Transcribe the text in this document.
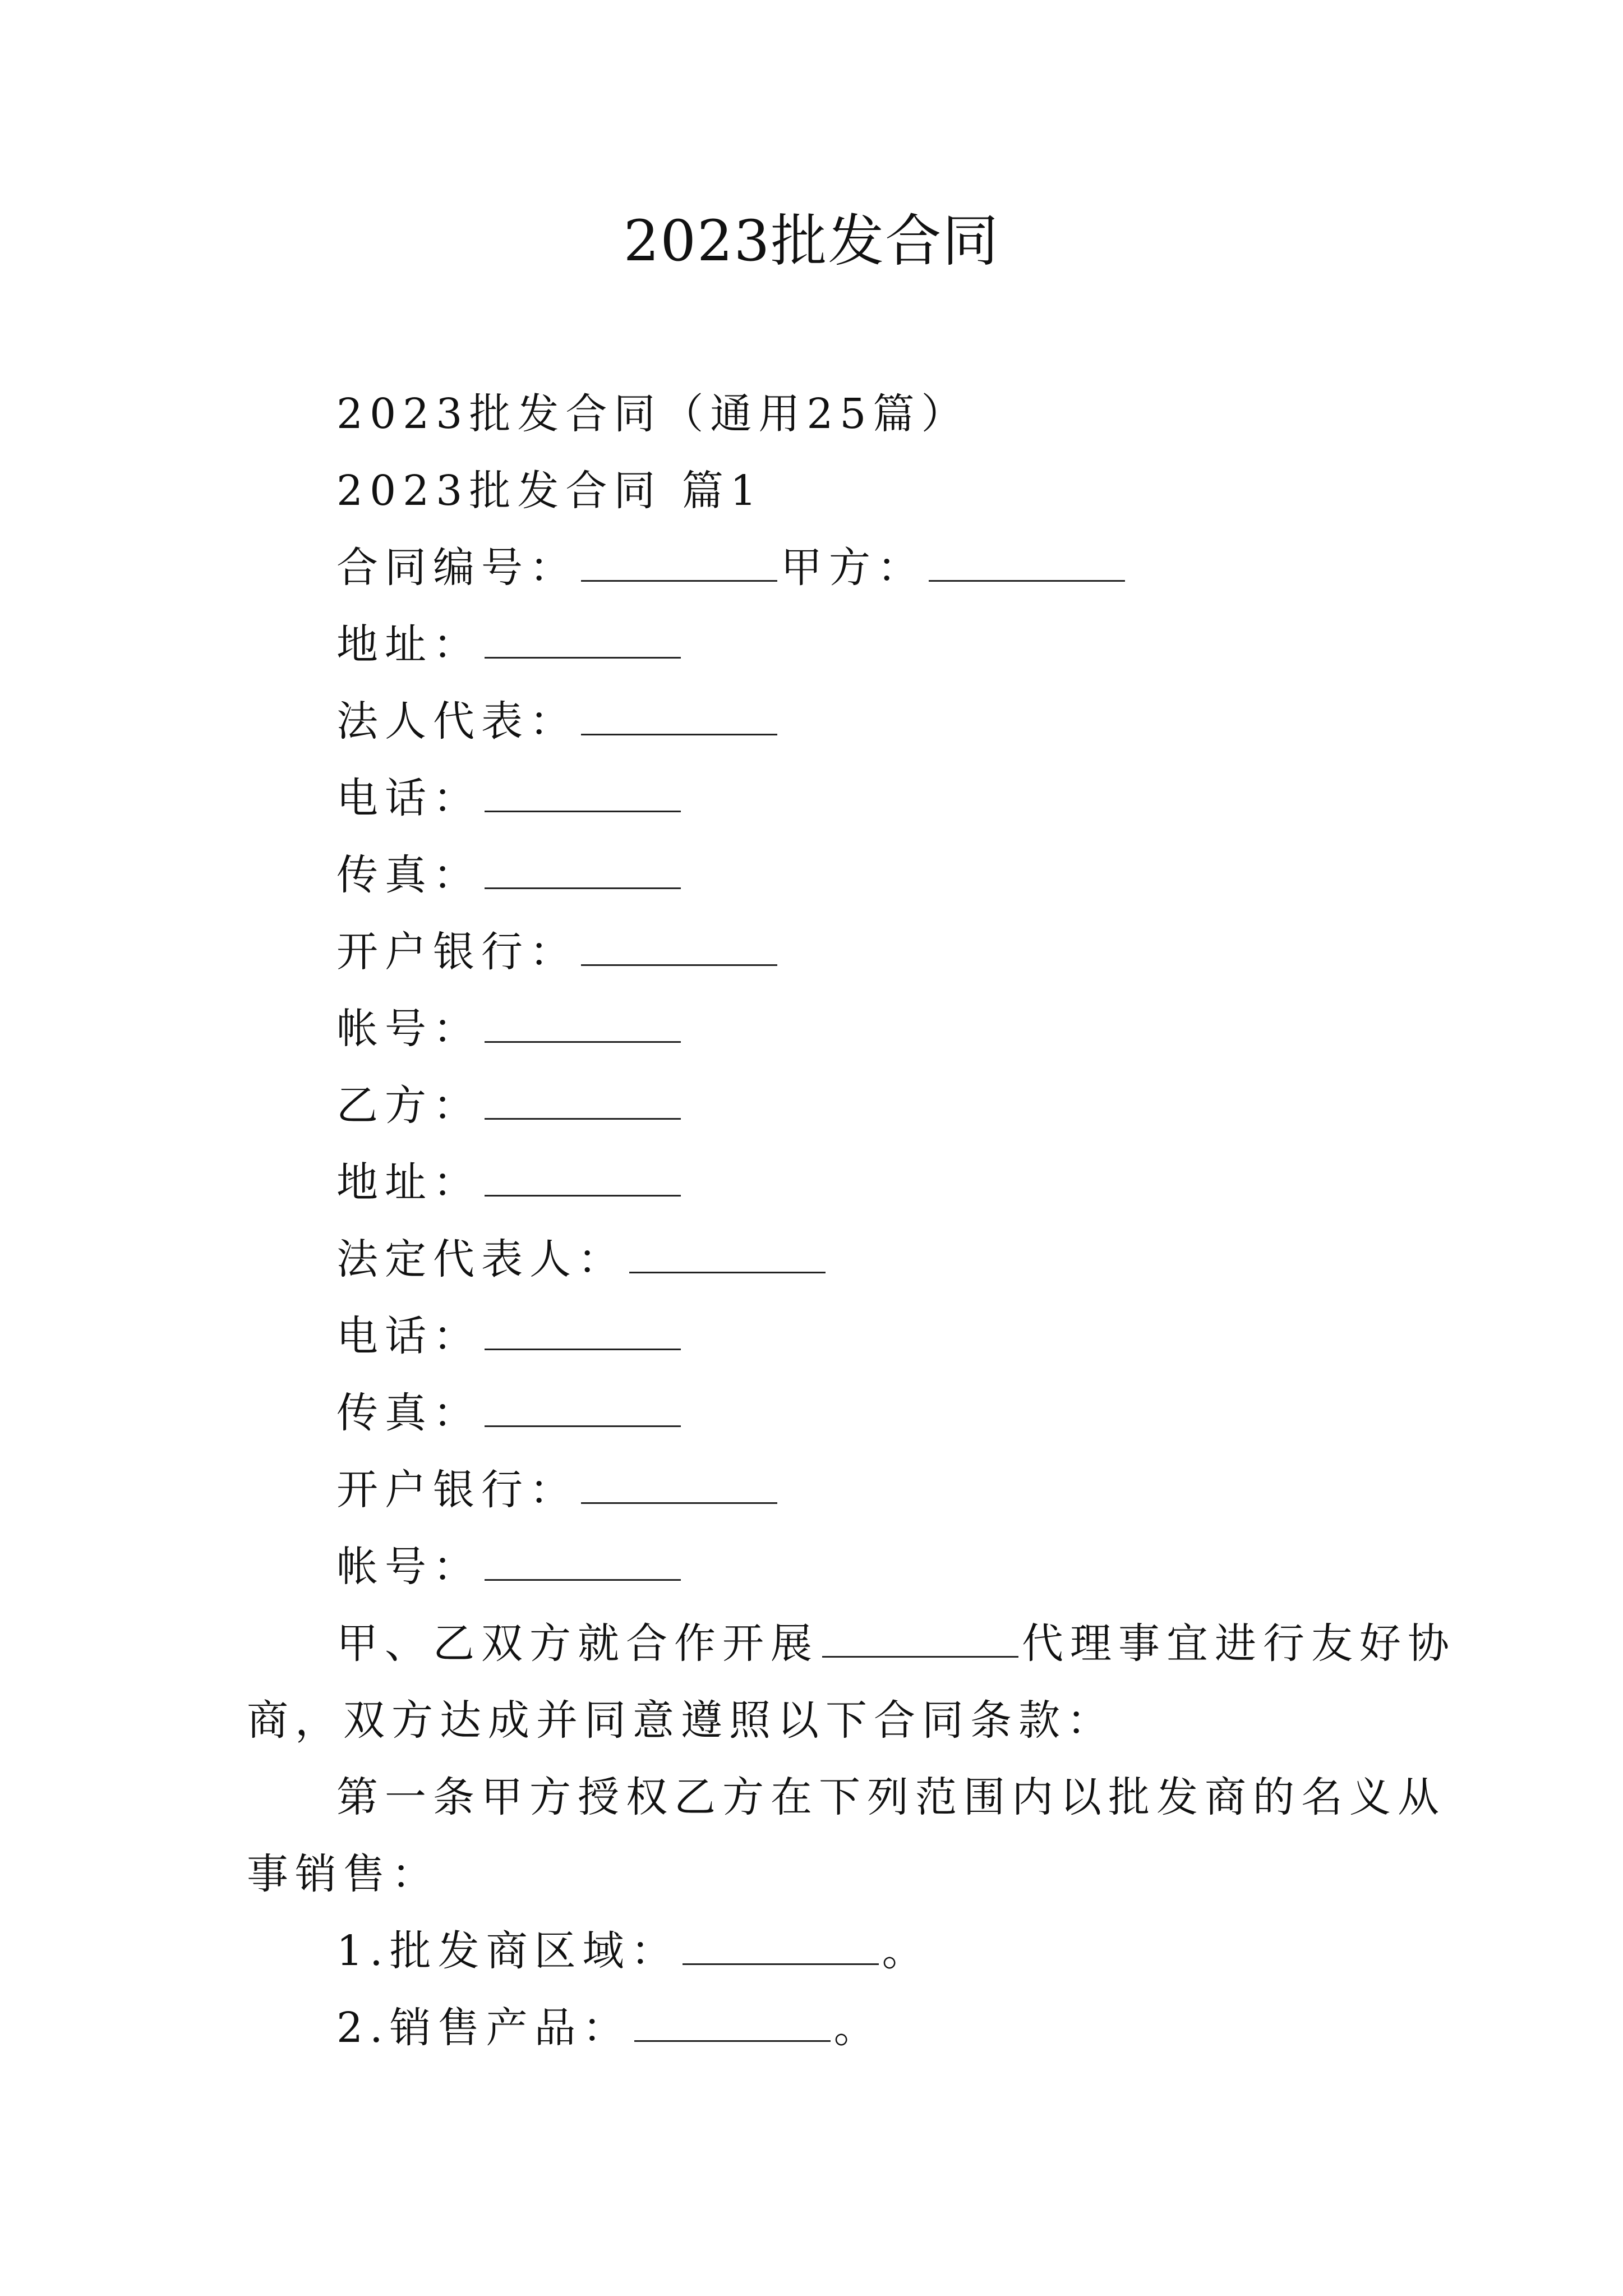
2023批发合同
2023批发合同（通用25篇）
2023批发合同 篇1
合同编号：	甲方：
地址：
法人代表：
电话：
传真：
开户银行：
帐号：
乙方：
地址：
法定代表人：
电话：
传真：
开户银行：
帐号：
甲、乙双方就合作开展	代理事宜进行友好协
商，双方达成并同意遵照以下合同条款：
第一条甲方授权乙方在下列范围内以批发商的名义从
事销售：
1.批发商区域：	。
2.销售产品：	。
